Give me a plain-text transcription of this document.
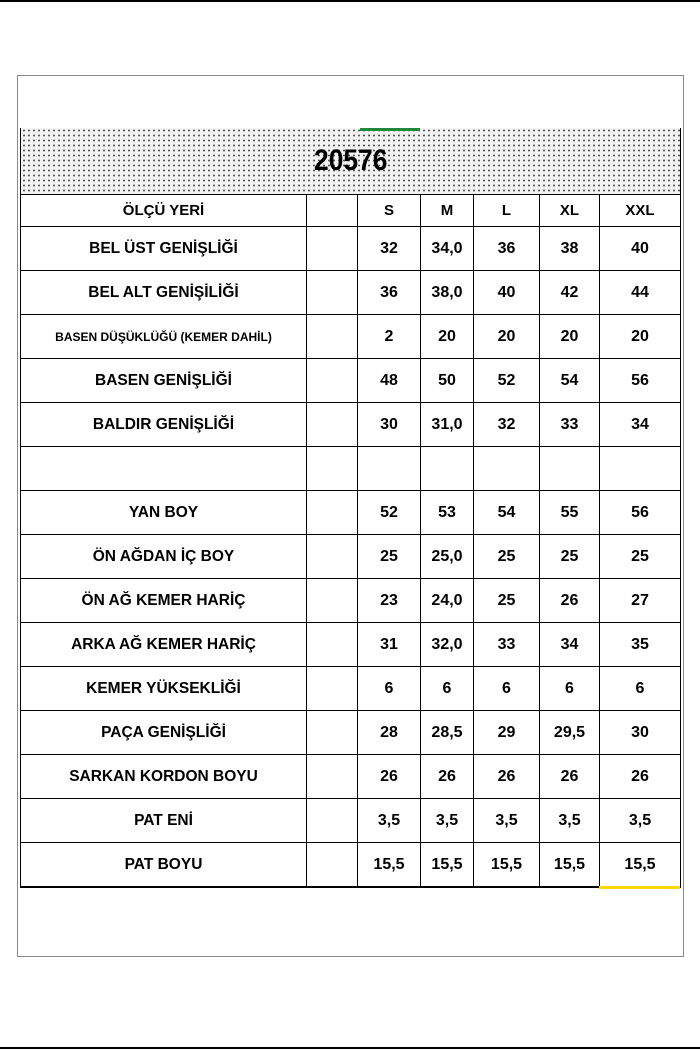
20576						
ÖLÇÜ YERİ		S	M	L	XL	XXL
BEL ÜST GENİŞLİĞİ		32	34,0	36	38	40
BEL ALT GENİŞİLİĞİ		36	38,0	40	42	44
BASEN DÜŞÜKLÜĞÜ (KEMER DAHİL)		2	20	20	20	20
BASEN GENİŞLİĞİ		48	50	52	54	56
BALDIR GENİŞLİĞİ		30	31,0	32	33	34

YAN BOY		52	53	54	55	56
ÖN AĞDAN İÇ BOY		25	25,0	25	25	25
ÖN AĞ KEMER HARİÇ		23	24,0	25	26	27
ARKA AĞ KEMER HARİÇ		31	32,0	33	34	35
KEMER YÜKSEKLİĞİ		6	6	6	6	6
PAÇA GENİŞLİĞİ		28	28,5	29	29,5	30
SARKAN KORDON BOYU		26	26	26	26	26
PAT ENİ		3,5	3,5	3,5	3,5	3,5
PAT BOYU		15,5	15,5	15,5	15,5	15,5
